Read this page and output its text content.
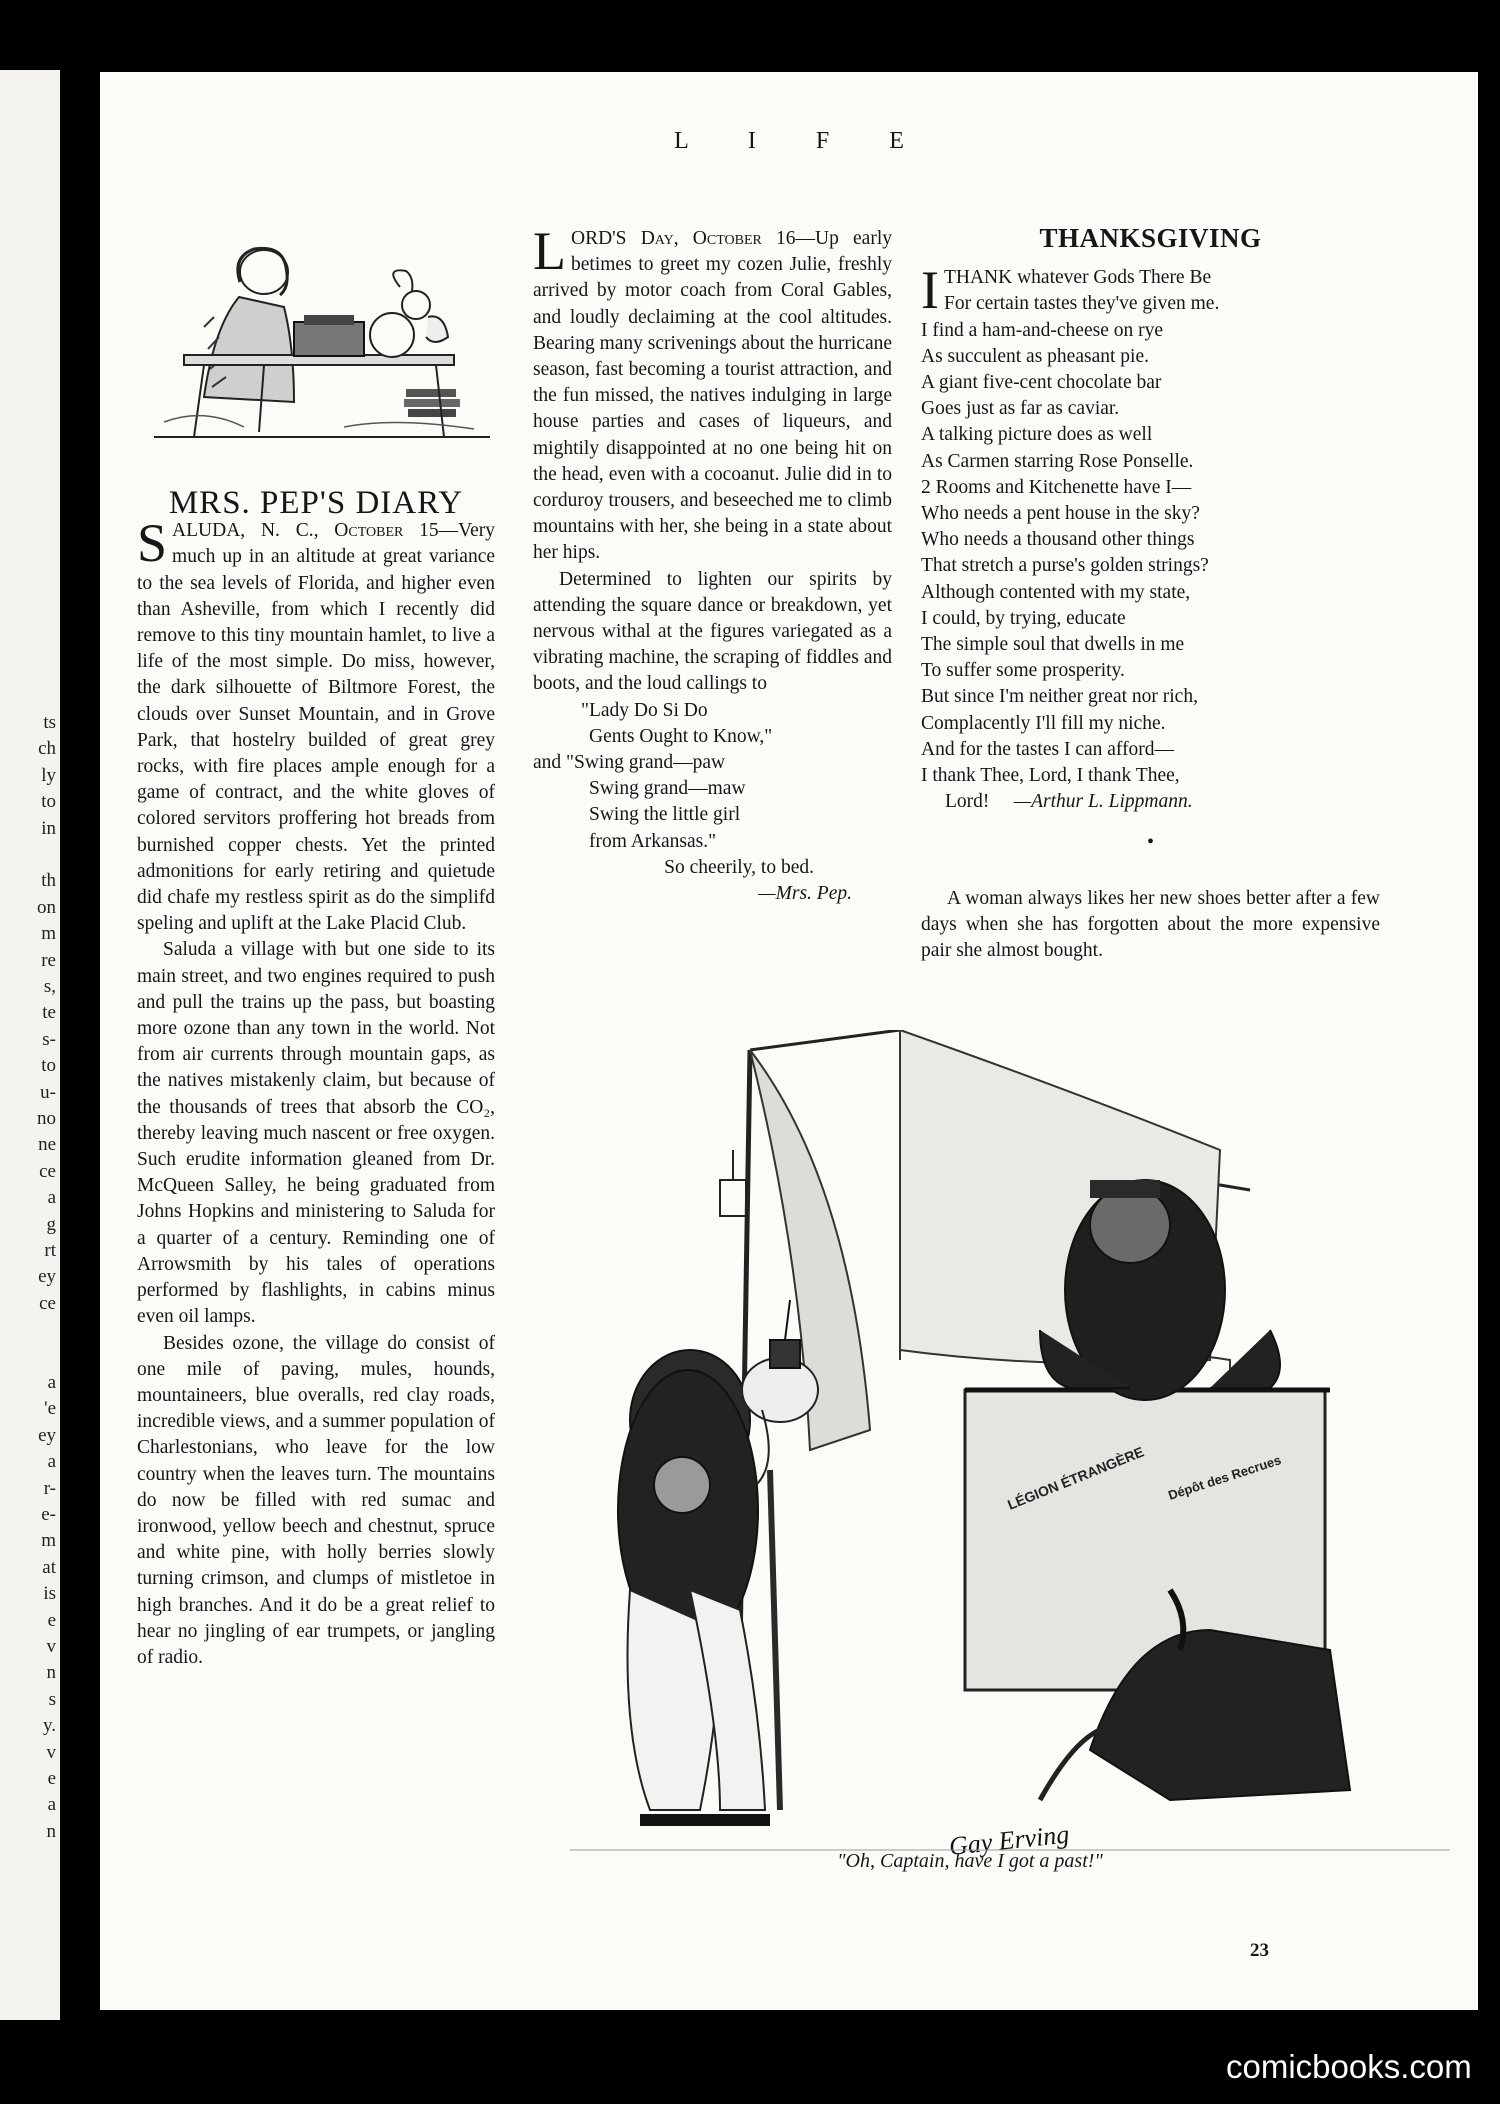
ts
ch
ly
to
in
th
on
m
re
s,
te
s-
to
u-
no
ne
ce
a
g
rt
ey
ce
a
'e
ey
a
r-
e-
m
at
is
e
v
n
s
y.
v
e
a
n
L I F E
MRS. PEP'S DIARY

SALUDA, N. C., October 15—Very much up in an altitude at great variance to the sea levels of Florida, and higher even than Asheville, from which I recently did remove to this tiny mountain hamlet, to live a life of the most simple. Do miss, however, the dark silhouette of Biltmore Forest, the clouds over Sunset Mountain, and in Grove Park, that hostelry builded of great grey rocks, with fire places ample enough for a game of contract, and the white gloves of colored servitors proffering hot breads from burnished copper chests. Yet the printed admonitions for early retiring and quietude did chafe my restless spirit as do the simplifd speling and uplift at the Lake Placid Club.

Saluda a village with but one side to its main street, and two engines required to push and pull the trains up the pass, but boasting more ozone than any town in the world. Not from air currents through mountain gaps, as the natives mistakenly claim, but because of the thousands of trees that absorb the CO₂, thereby leaving much nascent or free oxygen. Such erudite information gleaned from Dr. McQueen Salley, he being graduated from Johns Hopkins and ministering to Saluda for a quarter of a century. Reminding one of Arrowsmith by his tales of operations performed by flashlights, in cabins minus even oil lamps.

Besides ozone, the village do consist of one mile of paving, mules, hounds, mountaineers, blue overalls, red clay roads, incredible views, and a summer population of Charlestonians, who leave for the low country when the leaves turn. The mountains do now be filled with red sumac and ironwood, yellow beech and chestnut, spruce and white pine, with holly berries slowly turning crimson, and clumps of mistletoe in high branches. And it do be a great relief to hear no jingling of ear trumpets, or jangling of radio.

LORD'S Day, October 16—Up early betimes to greet my cozen Julie, freshly arrived by motor coach from Coral Gables, and loudly declaiming at the cool altitudes. Bearing many scrivenings about the hurricane season, fast becoming a tourist attraction, and the fun missed, the natives indulging in large house parties and cases of liqueurs, and mightily disappointed at no one being hit on the head, even with a cocoanut. Julie did in to corduroy trousers, and beseeched me to climb mountains with her, she being in a state about her hips.

Determined to lighten our spirits by attending the square dance or breakdown, yet nervous withal at the figures variegated as a vibrating machine, the scraping of fiddles and boots, and the loud callings to

"Lady Do Si Do
Gents Ought to Know,"
and "Swing grand—paw
Swing grand—maw
Swing the little girl
from Arkansas."
So cheerily, to bed.
—Mrs. Pep.
THANKSGIVING
I THANK whatever Gods There Be
For certain tastes they've given me.
I find a ham-and-cheese on rye
As succulent as pheasant pie.
A giant five-cent chocolate bar
Goes just as far as caviar.
A talking picture does as well
As Carmen starring Rose Ponselle.
2 Rooms and Kitchenette have I—
Who needs a pent house in the sky?
Who needs a thousand other things
That stretch a purse's golden strings?
Although contented with my state,
I could, by trying, educate
The simple soul that dwells in me
To suffer some prosperity.
But since I'm neither great nor rich,
Complacently I'll fill my niche.
And for the tastes I can afford—
I thank Thee, Lord, I thank Thee,
Lord! —Arthur L. Lippmann.
•

A woman always likes her new shoes better after a few days when she has forgotten about the more expensive pair she almost bought.

LÉGION ÉTRANGÈRE Dépôt des Recrues
Gay Erving
"Oh, Captain, have I got a past!"
23
comicbooks.com
